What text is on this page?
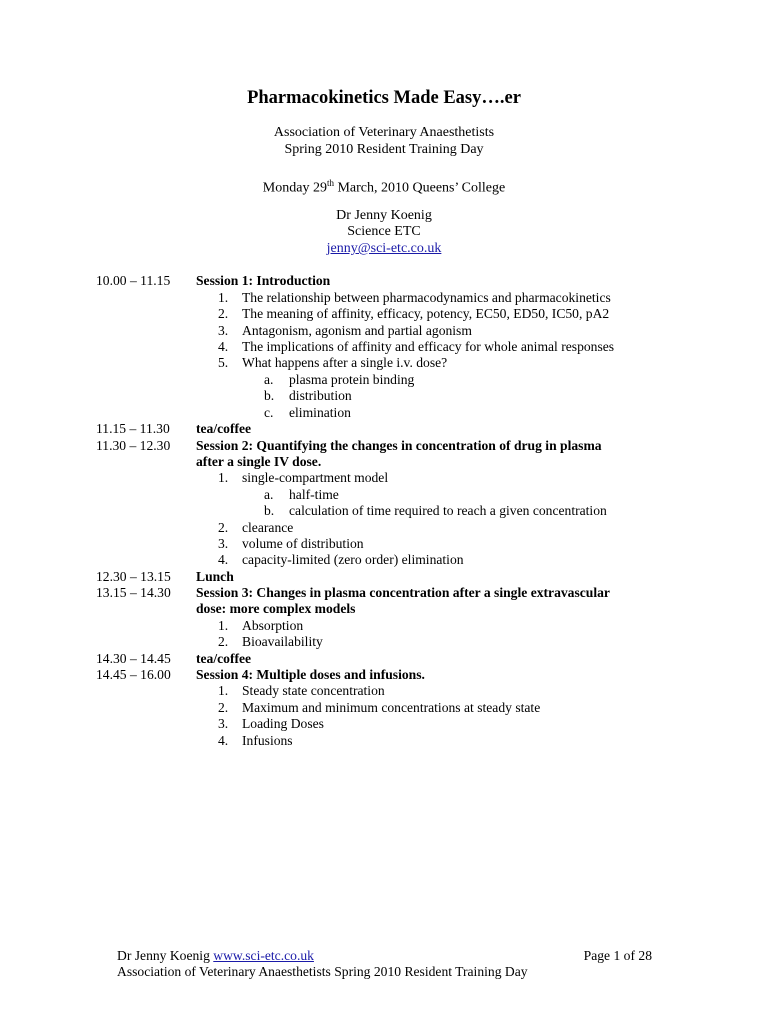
Pharmacokinetics Made Easy….er
Association of Veterinary Anaesthetists
Spring 2010 Resident Training Day
Monday 29th March, 2010 Queens’ College
Dr Jenny Koenig
Science ETC
jenny@sci-etc.co.uk
10.00 – 11.15 Session 1: Introduction
1. The relationship between pharmacodynamics and pharmacokinetics
2. The meaning of affinity, efficacy, potency, EC50, ED50, IC50, pA2
3. Antagonism, agonism and partial agonism
4. The implications of affinity and efficacy for whole animal responses
5. What happens after a single i.v. dose?
a. plasma protein binding
b. distribution
c. elimination
11.15 – 11.30 tea/coffee
11.30 – 12.30 Session 2: Quantifying the changes in concentration of drug in plasma
after a single IV dose.
1. single-compartment model
a. half-time
b. calculation of time required to reach a given concentration
2. clearance
3. volume of distribution
4. capacity-limited (zero order) elimination
12.30 – 13.15 Lunch
13.15 – 14.30 Session 3: Changes in plasma concentration after a single extravascular
dose: more complex models
1. Absorption
2. Bioavailability
14.30 – 14.45 tea/coffee
14.45 – 16.00 Session 4: Multiple doses and infusions.
1. Steady state concentration
2. Maximum and minimum concentrations at steady state
3. Loading Doses
4. Infusions
Dr Jenny Koenig www.sci-etc.co.uk	Page 1 of 28
Association of Veterinary Anaesthetists Spring 2010 Resident Training Day
